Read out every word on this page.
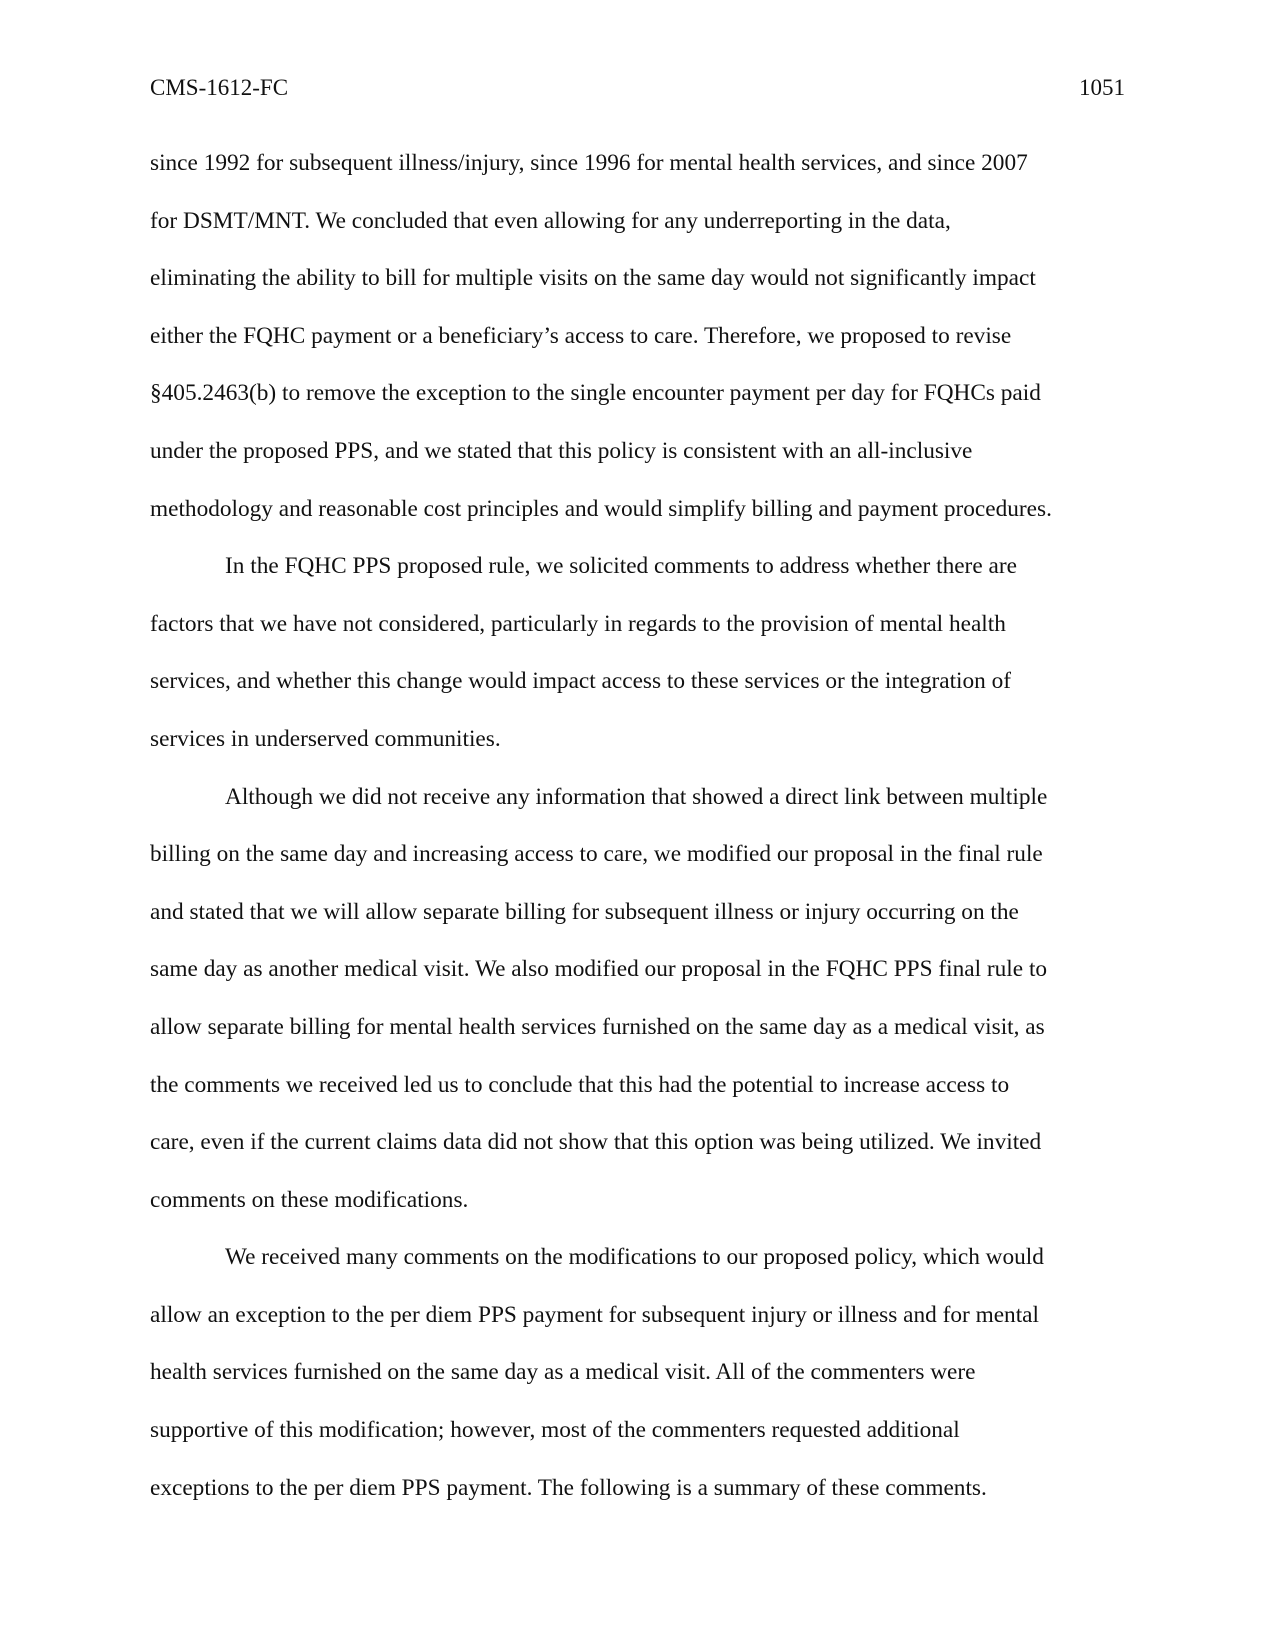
CMS-1612-FC	1051
since 1992 for subsequent illness/injury, since 1996 for mental health services, and since 2007
for DSMT/MNT. We concluded that even allowing for any underreporting in the data,
eliminating the ability to bill for multiple visits on the same day would not significantly impact
either the FQHC payment or a beneficiary’s access to care. Therefore, we proposed to revise
§405.2463(b) to remove the exception to the single encounter payment per day for FQHCs paid
under the proposed PPS, and we stated that this policy is consistent with an all-inclusive
methodology and reasonable cost principles and would simplify billing and payment procedures.
In the FQHC PPS proposed rule, we solicited comments to address whether there are
factors that we have not considered, particularly in regards to the provision of mental health
services, and whether this change would impact access to these services or the integration of
services in underserved communities.
Although we did not receive any information that showed a direct link between multiple
billing on the same day and increasing access to care, we modified our proposal in the final rule
and stated that we will allow separate billing for subsequent illness or injury occurring on the
same day as another medical visit. We also modified our proposal in the FQHC PPS final rule to
allow separate billing for mental health services furnished on the same day as a medical visit, as
the comments we received led us to conclude that this had the potential to increase access to
care, even if the current claims data did not show that this option was being utilized. We invited
comments on these modifications.
We received many comments on the modifications to our proposed policy, which would
allow an exception to the per diem PPS payment for subsequent injury or illness and for mental
health services furnished on the same day as a medical visit. All of the commenters were
supportive of this modification; however, most of the commenters requested additional
exceptions to the per diem PPS payment. The following is a summary of these comments.
